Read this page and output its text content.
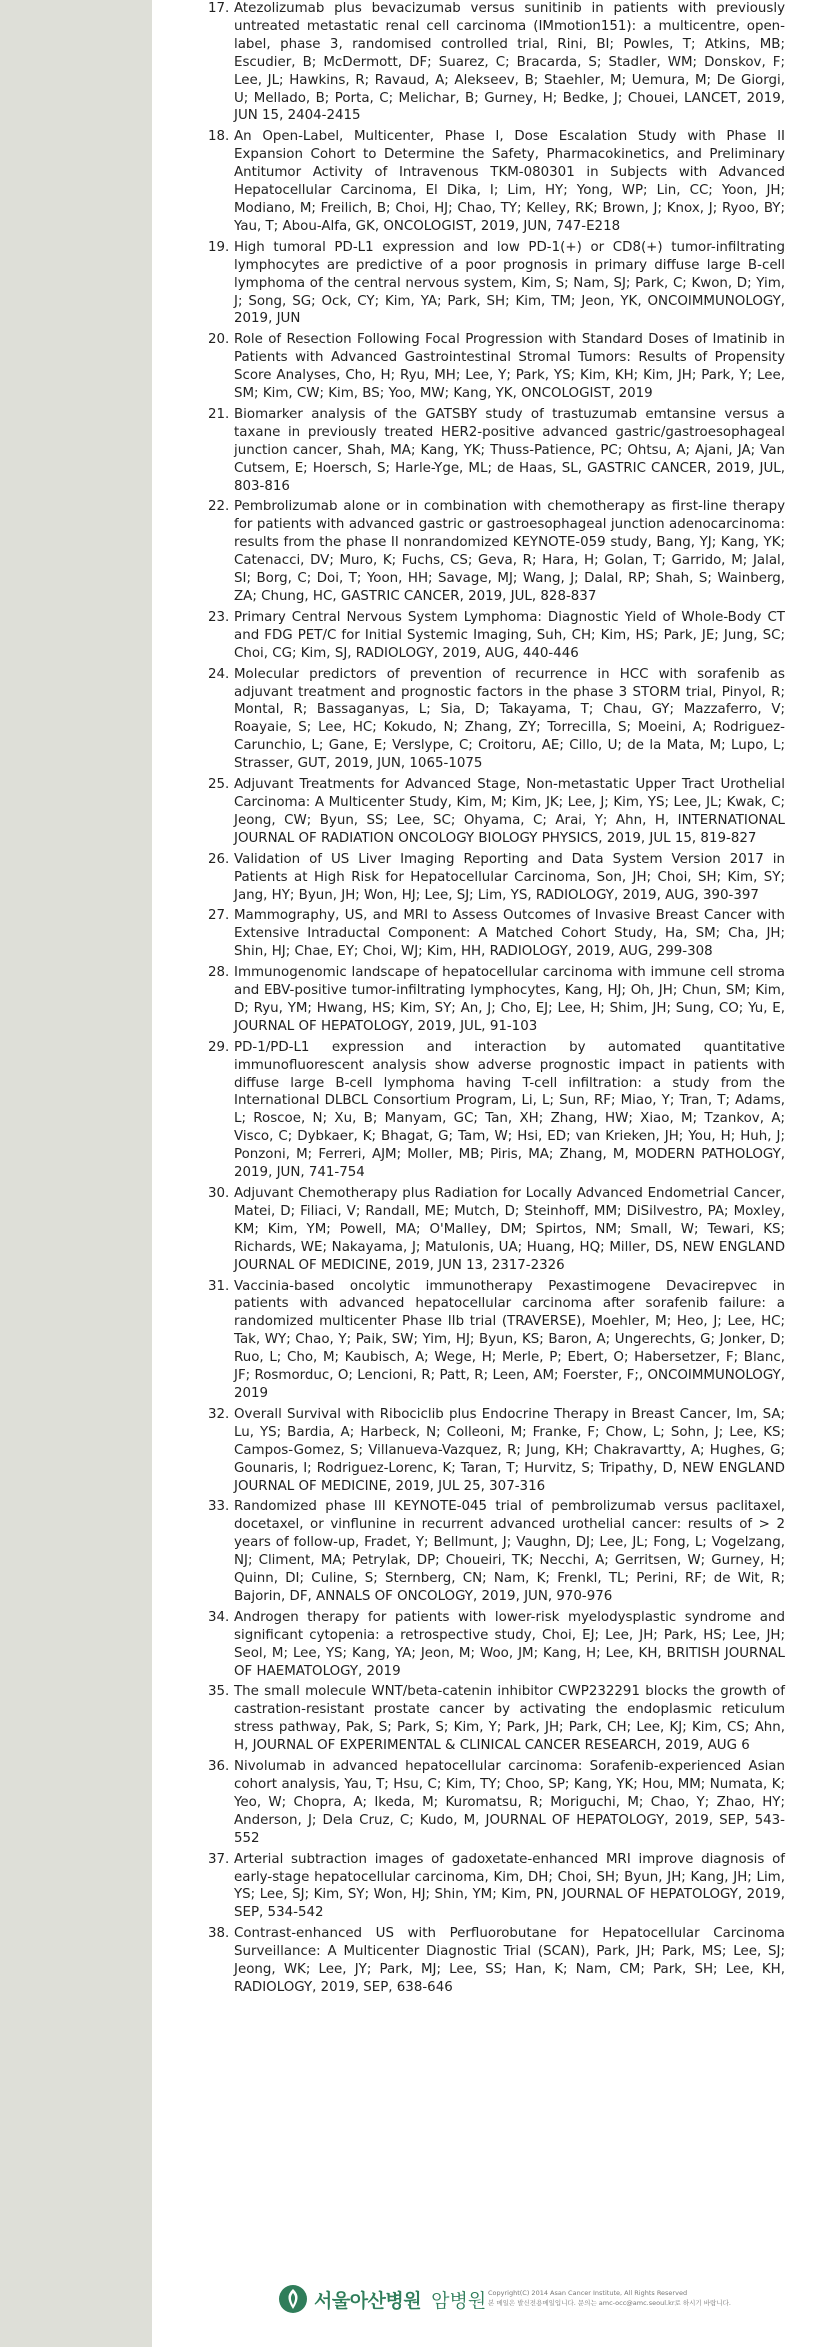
17. Atezolizumab plus bevacizumab versus sunitinib in patients with previously untreated metastatic renal cell carcinoma (IMmotion151): a multicentre, open-label, phase 3, randomised controlled trial, Rini, BI; Powles, T; Atkins, MB; Escudier, B; McDermott, DF; Suarez, C; Bracarda, S; Stadler, WM; Donskov, F; Lee, JL; Hawkins, R; Ravaud, A; Alekseev, B; Staehler, M; Uemura, M; De Giorgi, U; Mellado, B; Porta, C; Melichar, B; Gurney, H; Bedke, J; Chouei, LANCET, 2019, JUN 15, 2404-2415
18. An Open-Label, Multicenter, Phase I, Dose Escalation Study with Phase II Expansion Cohort to Determine the Safety, Pharmacokinetics, and Preliminary Antitumor Activity of Intravenous TKM-080301 in Subjects with Advanced Hepatocellular Carcinoma, El Dika, I; Lim, HY; Yong, WP; Lin, CC; Yoon, JH; Modiano, M; Freilich, B; Choi, HJ; Chao, TY; Kelley, RK; Brown, J; Knox, J; Ryoo, BY; Yau, T; Abou-Alfa, GK, ONCOLOGIST, 2019, JUN, 747-E218
19. High tumoral PD-L1 expression and low PD-1(+) or CD8(+) tumor-infiltrating lymphocytes are predictive of a poor prognosis in primary diffuse large B-cell lymphoma of the central nervous system, Kim, S; Nam, SJ; Park, C; Kwon, D; Yim, J; Song, SG; Ock, CY; Kim, YA; Park, SH; Kim, TM; Jeon, YK, ONCOIMMUNOLOGY, 2019, JUN
20. Role of Resection Following Focal Progression with Standard Doses of Imatinib in Patients with Advanced Gastrointestinal Stromal Tumors: Results of Propensity Score Analyses, Cho, H; Ryu, MH; Lee, Y; Park, YS; Kim, KH; Kim, JH; Park, Y; Lee, SM; Kim, CW; Kim, BS; Yoo, MW; Kang, YK, ONCOLOGIST, 2019
21. Biomarker analysis of the GATSBY study of trastuzumab emtansine versus a taxane in previously treated HER2-positive advanced gastric/gastroesophageal junction cancer, Shah, MA; Kang, YK; Thuss-Patience, PC; Ohtsu, A; Ajani, JA; Van Cutsem, E; Hoersch, S; Harle-Yge, ML; de Haas, SL, GASTRIC CANCER, 2019, JUL, 803-816
22. Pembrolizumab alone or in combination with chemotherapy as first-line therapy for patients with advanced gastric or gastroesophageal junction adenocarcinoma: results from the phase II nonrandomized KEYNOTE-059 study, Bang, YJ; Kang, YK; Catenacci, DV; Muro, K; Fuchs, CS; Geva, R; Hara, H; Golan, T; Garrido, M; Jalal, SI; Borg, C; Doi, T; Yoon, HH; Savage, MJ; Wang, J; Dalal, RP; Shah, S; Wainberg, ZA; Chung, HC, GASTRIC CANCER, 2019, JUL, 828-837
23. Primary Central Nervous System Lymphoma: Diagnostic Yield of Whole-Body CT and FDG PET/C for Initial Systemic Imaging, Suh, CH; Kim, HS; Park, JE; Jung, SC; Choi, CG; Kim, SJ, RADIOLOGY, 2019, AUG, 440-446
24. Molecular predictors of prevention of recurrence in HCC with sorafenib as adjuvant treatment and prognostic factors in the phase 3 STORM trial, Pinyol, R; Montal, R; Bassaganyas, L; Sia, D; Takayama, T; Chau, GY; Mazzaferro, V; Roayaie, S; Lee, HC; Kokudo, N; Zhang, ZY; Torrecilla, S; Moeini, A; Rodriguez-Carunchio, L; Gane, E; Verslype, C; Croitoru, AE; Cillo, U; de la Mata, M; Lupo, L; Strasser, GUT, 2019, JUN, 1065-1075
25. Adjuvant Treatments for Advanced Stage, Non-metastatic Upper Tract Urothelial Carcinoma: A Multicenter Study, Kim, M; Kim, JK; Lee, J; Kim, YS; Lee, JL; Kwak, C; Jeong, CW; Byun, SS; Lee, SC; Ohyama, C; Arai, Y; Ahn, H, INTERNATIONAL JOURNAL OF RADIATION ONCOLOGY BIOLOGY PHYSICS, 2019, JUL 15, 819-827
26. Validation of US Liver Imaging Reporting and Data System Version 2017 in Patients at High Risk for Hepatocellular Carcinoma, Son, JH; Choi, SH; Kim, SY; Jang, HY; Byun, JH; Won, HJ; Lee, SJ; Lim, YS, RADIOLOGY, 2019, AUG, 390-397
27. Mammography, US, and MRI to Assess Outcomes of Invasive Breast Cancer with Extensive Intraductal Component: A Matched Cohort Study, Ha, SM; Cha, JH; Shin, HJ; Chae, EY; Choi, WJ; Kim, HH, RADIOLOGY, 2019, AUG, 299-308
28. Immunogenomic landscape of hepatocellular carcinoma with immune cell stroma and EBV-positive tumor-infiltrating lymphocytes, Kang, HJ; Oh, JH; Chun, SM; Kim, D; Ryu, YM; Hwang, HS; Kim, SY; An, J; Cho, EJ; Lee, H; Shim, JH; Sung, CO; Yu, E, JOURNAL OF HEPATOLOGY, 2019, JUL, 91-103
29. PD-1/PD-L1 expression and interaction by automated quantitative immunofluorescent analysis show adverse prognostic impact in patients with diffuse large B-cell lymphoma having T-cell infiltration: a study from the International DLBCL Consortium Program, Li, L; Sun, RF; Miao, Y; Tran, T; Adams, L; Roscoe, N; Xu, B; Manyam, GC; Tan, XH; Zhang, HW; Xiao, M; Tzankov, A; Visco, C; Dybkaer, K; Bhagat, G; Tam, W; Hsi, ED; van Krieken, JH; You, H; Huh, J; Ponzoni, M; Ferreri, AJM; Moller, MB; Piris, MA; Zhang, M, MODERN PATHOLOGY, 2019, JUN, 741-754
30. Adjuvant Chemotherapy plus Radiation for Locally Advanced Endometrial Cancer, Matei, D; Filiaci, V; Randall, ME; Mutch, D; Steinhoff, MM; DiSilvestro, PA; Moxley, KM; Kim, YM; Powell, MA; O'Malley, DM; Spirtos, NM; Small, W; Tewari, KS; Richards, WE; Nakayama, J; Matulonis, UA; Huang, HQ; Miller, DS, NEW ENGLAND JOURNAL OF MEDICINE, 2019, JUN 13, 2317-2326
31. Vaccinia-based oncolytic immunotherapy Pexastimogene Devacirepvec in patients with advanced hepatocellular carcinoma after sorafenib failure: a randomized multicenter Phase IIb trial (TRAVERSE), Moehler, M; Heo, J; Lee, HC; Tak, WY; Chao, Y; Paik, SW; Yim, HJ; Byun, KS; Baron, A; Ungerechts, G; Jonker, D; Ruo, L; Cho, M; Kaubisch, A; Wege, H; Merle, P; Ebert, O; Habersetzer, F; Blanc, JF; Rosmorduc, O; Lencioni, R; Patt, R; Leen, AM; Foerster, F;, ONCOIMMUNOLOGY, 2019
32. Overall Survival with Ribociclib plus Endocrine Therapy in Breast Cancer, Im, SA; Lu, YS; Bardia, A; Harbeck, N; Colleoni, M; Franke, F; Chow, L; Sohn, J; Lee, KS; Campos-Gomez, S; Villanueva-Vazquez, R; Jung, KH; Chakravartty, A; Hughes, G; Gounaris, I; Rodriguez-Lorenc, K; Taran, T; Hurvitz, S; Tripathy, D, NEW ENGLAND JOURNAL OF MEDICINE, 2019, JUL 25, 307-316
33. Randomized phase III KEYNOTE-045 trial of pembrolizumab versus paclitaxel, docetaxel, or vinflunine in recurrent advanced urothelial cancer: results of > 2 years of follow-up, Fradet, Y; Bellmunt, J; Vaughn, DJ; Lee, JL; Fong, L; Vogelzang, NJ; Climent, MA; Petrylak, DP; Choueiri, TK; Necchi, A; Gerritsen, W; Gurney, H; Quinn, DI; Culine, S; Sternberg, CN; Nam, K; Frenkl, TL; Perini, RF; de Wit, R; Bajorin, DF, ANNALS OF ONCOLOGY, 2019, JUN, 970-976
34. Androgen therapy for patients with lower-risk myelodysplastic syndrome and significant cytopenia: a retrospective study, Choi, EJ; Lee, JH; Park, HS; Lee, JH; Seol, M; Lee, YS; Kang, YA; Jeon, M; Woo, JM; Kang, H; Lee, KH, BRITISH JOURNAL OF HAEMATOLOGY, 2019
35. The small molecule WNT/beta-catenin inhibitor CWP232291 blocks the growth of castration-resistant prostate cancer by activating the endoplasmic reticulum stress pathway, Pak, S; Park, S; Kim, Y; Park, JH; Park, CH; Lee, KJ; Kim, CS; Ahn, H, JOURNAL OF EXPERIMENTAL & CLINICAL CANCER RESEARCH, 2019, AUG 6
36. Nivolumab in advanced hepatocellular carcinoma: Sorafenib-experienced Asian cohort analysis, Yau, T; Hsu, C; Kim, TY; Choo, SP; Kang, YK; Hou, MM; Numata, K; Yeo, W; Chopra, A; Ikeda, M; Kuromatsu, R; Moriguchi, M; Chao, Y; Zhao, HY; Anderson, J; Dela Cruz, C; Kudo, M, JOURNAL OF HEPATOLOGY, 2019, SEP, 543-552
37. Arterial subtraction images of gadoxetate-enhanced MRI improve diagnosis of early-stage hepatocellular carcinoma, Kim, DH; Choi, SH; Byun, JH; Kang, JH; Lim, YS; Lee, SJ; Kim, SY; Won, HJ; Shin, YM; Kim, PN, JOURNAL OF HEPATOLOGY, 2019, SEP, 534-542
38. Contrast-enhanced US with Perfluorobutane for Hepatocellular Carcinoma Surveillance: A Multicenter Diagnostic Trial (SCAN), Park, JH; Park, MS; Lee, SJ; Jeong, WK; Lee, JY; Park, MJ; Lee, SS; Han, K; Nam, CM; Park, SH; Lee, KH, RADIOLOGY, 2019, SEP, 638-646
서울아산병원 암병원 Copyright(C) 2014 Asan Cancer Institute, All Rights Reserved
본 메일은 발신전용메일입니다. 문의는 amc-occ@amc.seoul.kr로 하시기 바랍니다.
